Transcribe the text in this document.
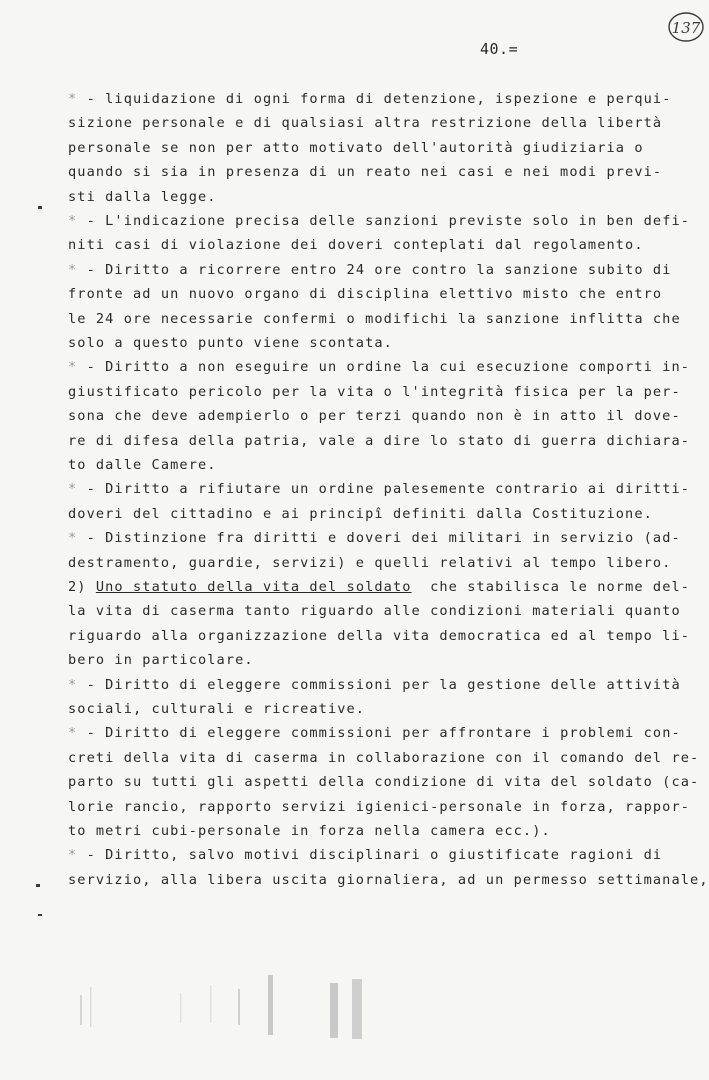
40.=
137
* - liquidazione di ogni forma di detenzione, ispezione e perqui-
sizione personale e di qualsiasi altra restrizione della libertà
personale se non per atto motivato dell'autorità giudiziaria o
quando si sia in presenza di un reato nei casi e nei modi previ-
sti dalla legge.
* - L'indicazione precisa delle sanzioni previste solo in ben defi-
niti casi di violazione dei doveri conteplati dal regolamento.
* - Diritto a ricorrere entro 24 ore contro la sanzione subito di
fronte ad un nuovo organo di disciplina elettivo misto che entro
le 24 ore necessarie confermi o modifichi la sanzione inflitta che
solo a questo punto viene scontata.
* - Diritto a non eseguire un ordine la cui esecuzione comporti in-
giustificato pericolo per la vita o l'integrità fisica per la per-
sona che deve adempierlo o per terzi quando non è in atto il dove-
re di difesa della patria, vale a dire lo stato di guerra dichiara-
to dalle Camere.
* - Diritto a rifiutare un ordine palesemente contrario ai diritti-
doveri del cittadino e ai principî definiti dalla Costituzione.
* - Distinzione fra diritti e doveri dei militari in servizio (ad-
destramento, guardie, servizi) e quelli relativi al tempo libero.
2) Uno statuto della vita del soldato  che stabilisca le norme del-
la vita di caserma tanto riguardo alle condizioni materiali quanto
riguardo alla organizzazione della vita democratica ed al tempo li-
bero in particolare.
* - Diritto di eleggere commissioni per la gestione delle attività
sociali, culturali e ricreative.
* - Diritto di eleggere commissioni per affrontare i problemi con-
creti della vita di caserma in collaborazione con il comando del re-
parto su tutti gli aspetti della condizione di vita del soldato (ca-
lorie rancio, rapporto servizi igienici-personale in forza, rappor-
to metri cubi-personale in forza nella camera ecc.).
* - Diritto, salvo motivi disciplinari o giustificate ragioni di
servizio, alla libera uscita giornaliera, ad un permesso settimanale,
